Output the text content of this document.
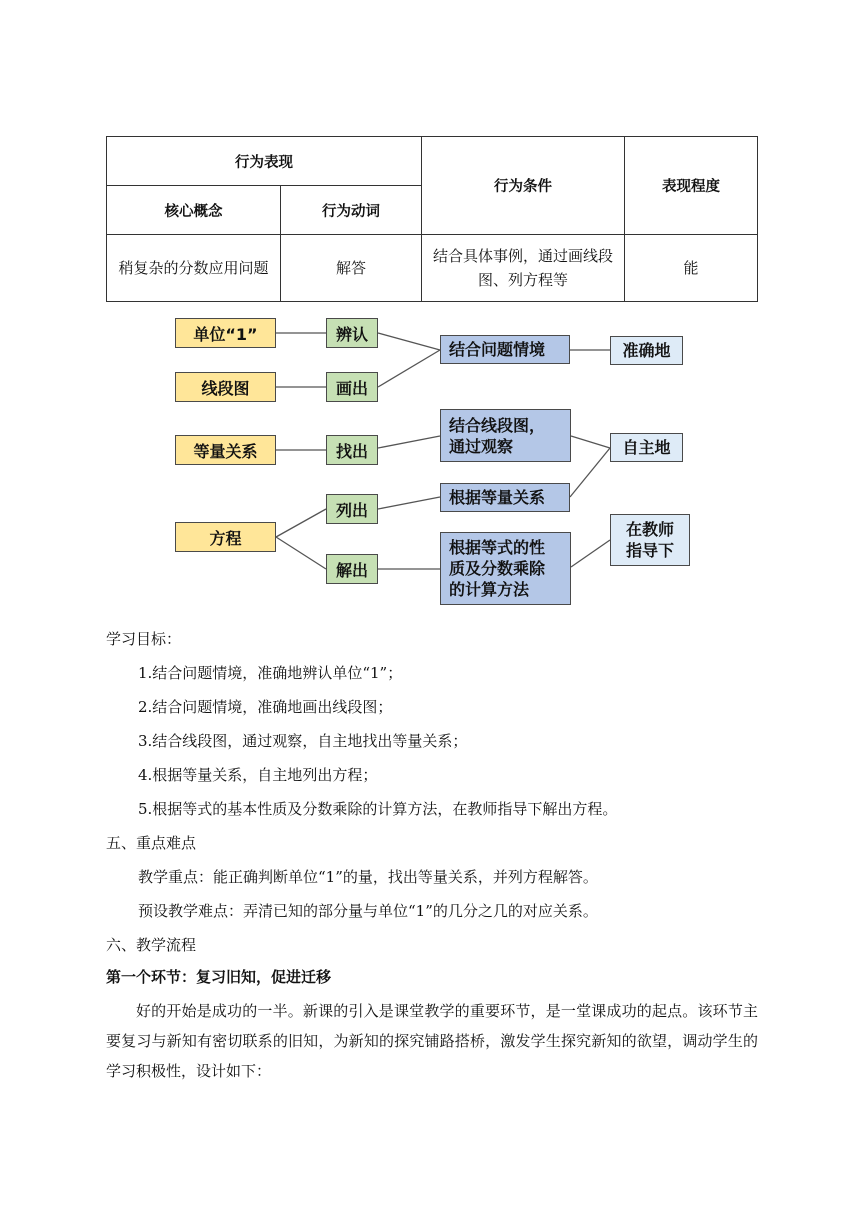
行为表现		行为条件	表现程度
核心概念	行为动词		
稍复杂的分数应用问题	解答	结合具体事例，通过画线段图、列方程等	能
单位“1”
线段图
等量关系
方程
辨认
画出
找出
列出
解出
结合问题情境
结合线段图，
通过观察
根据等量关系
根据等式的性
质及分数乘除
的计算方法
准确地
自主地
在教师
指导下
学习目标：
1.结合问题情境，准确地辨认单位“1”；
2.结合问题情境，准确地画出线段图；
3.结合线段图，通过观察，自主地找出等量关系；
4.根据等量关系，自主地列出方程；
5.根据等式的基本性质及分数乘除的计算方法，在教师指导下解出方程。
五、重点难点
教学重点：能正确判断单位“1”的量，找出等量关系，并列方程解答。
预设教学难点：弄清已知的部分量与单位“1”的几分之几的对应关系。
六、教学流程
第一个环节：复习旧知，促进迁移
好的开始是成功的一半。新课的引入是课堂教学的重要环节，是一堂课成功的起点。该环节主要复习与新知有密切联系的旧知，为新知的探究铺路搭桥，激发学生探究新知的欲望，调动学生的学习积极性，设计如下：
